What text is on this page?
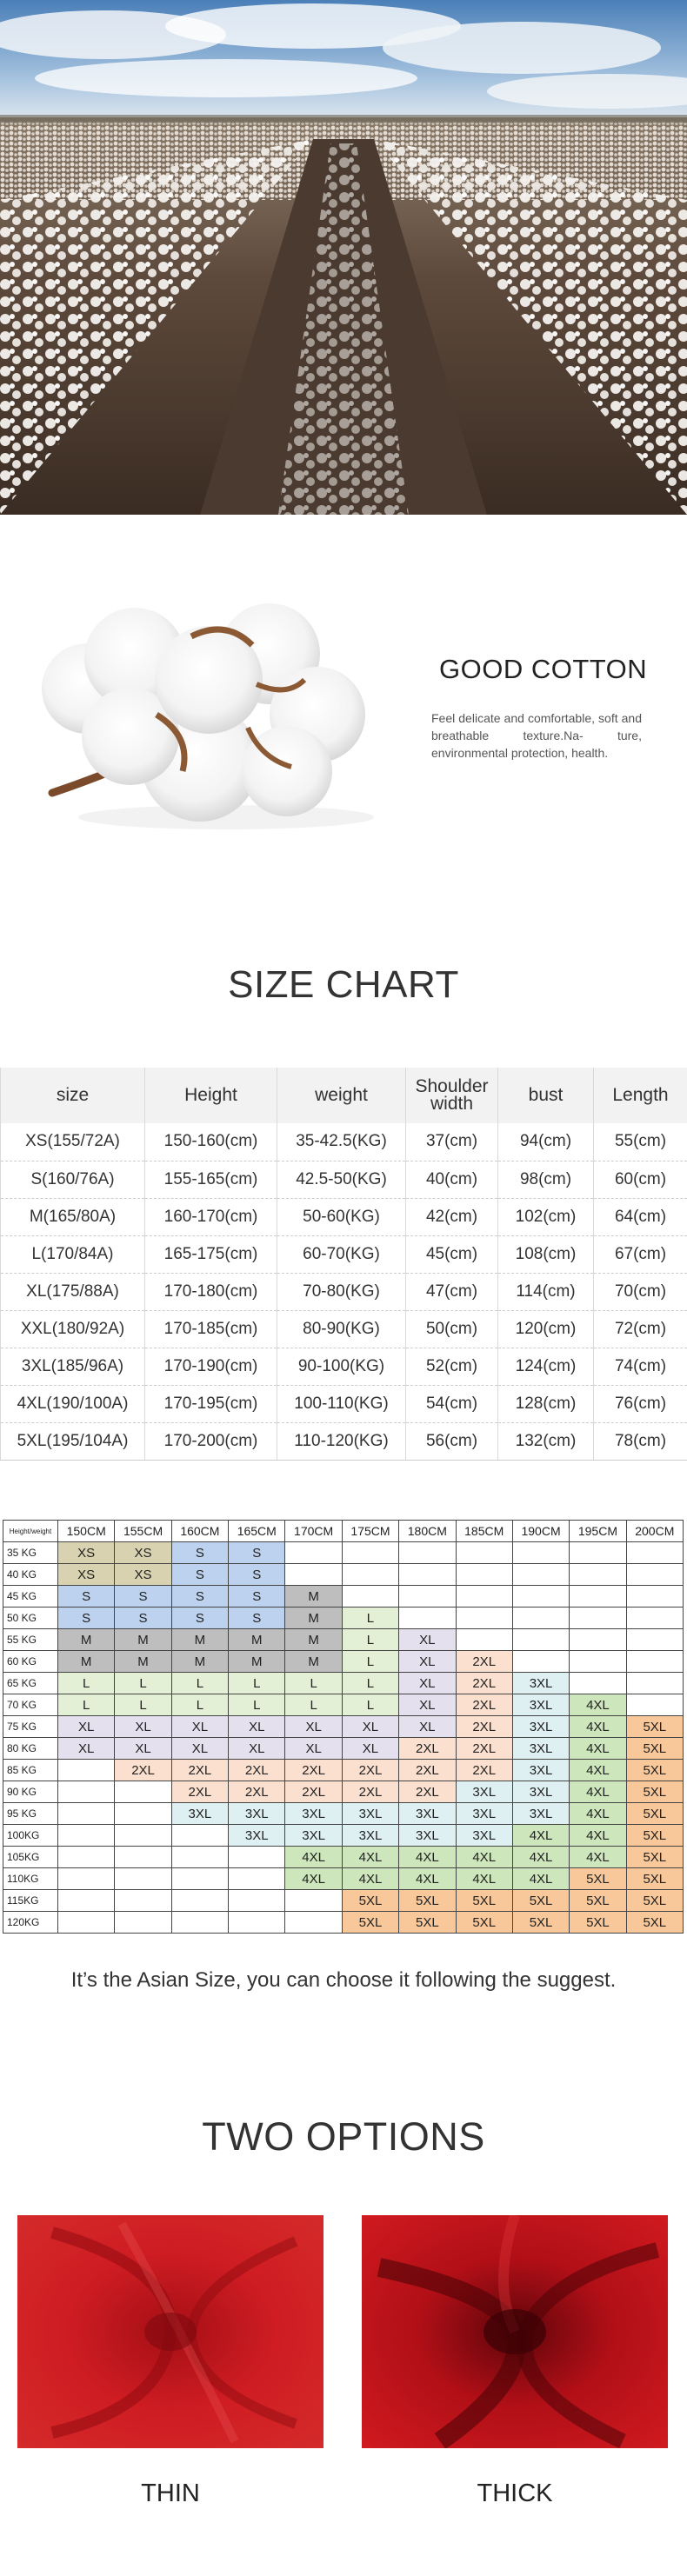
GOOD COTTON
Feel delicate and comfortable, soft and breathable texture.Na- ture, environmental protection, health.
SIZE CHART
size	Height	weight	Shoulder width	bust	Length
XS(155/72A)	150-160(cm)	35-42.5(KG)	37(cm)	94(cm)	55(cm)
S(160/76A)	155-165(cm)	42.5-50(KG)	40(cm)	98(cm)	60(cm)
M(165/80A)	160-170(cm)	50-60(KG)	42(cm)	102(cm)	64(cm)
L(170/84A)	165-175(cm)	60-70(KG)	45(cm)	108(cm)	67(cm)
XL(175/88A)	170-180(cm)	70-80(KG)	47(cm)	114(cm)	70(cm)
XXL(180/92A)	170-185(cm)	80-90(KG)	50(cm)	120(cm)	72(cm)
3XL(185/96A)	170-190(cm)	90-100(KG)	52(cm)	124(cm)	74(cm)
4XL(190/100A)	170-195(cm)	100-110(KG)	54(cm)	128(cm)	76(cm)
5XL(195/104A)	170-200(cm)	110-120(KG)	56(cm)	132(cm)	78(cm)
Height/weight	150CM	155CM	160CM	165CM	170CM	175CM	180CM	185CM	190CM	195CM	200CM
35 KG	XS	XS	S	S							
40 KG	XS	XS	S	S							
45 KG	S	S	S	S	M						
50 KG	S	S	S	S	M	L					
55 KG	M	M	M	M	M	L	XL				
60 KG	M	M	M	M	M	L	XL	2XL			
65 KG	L	L	L	L	L	L	XL	2XL	3XL		
70 KG	L	L	L	L	L	L	XL	2XL	3XL	4XL	
75 KG	XL	XL	XL	XL	XL	XL	XL	2XL	3XL	4XL	5XL
80 KG	XL	XL	XL	XL	XL	XL	2XL	2XL	3XL	4XL	5XL
85 KG		2XL	2XL	2XL	2XL	2XL	2XL	2XL	3XL	4XL	5XL
90 KG			2XL	2XL	2XL	2XL	2XL	3XL	3XL	4XL	5XL
95 KG			3XL	3XL	3XL	3XL	3XL	3XL	3XL	4XL	5XL
100KG				3XL	3XL	3XL	3XL	3XL	4XL	4XL	5XL
105KG					4XL	4XL	4XL	4XL	4XL	4XL	5XL
110KG					4XL	4XL	4XL	4XL	4XL	5XL	5XL
115KG						5XL	5XL	5XL	5XL	5XL	5XL
120KG						5XL	5XL	5XL	5XL	5XL	5XL
It’s the Asian Size, you can choose it following the suggest.
TWO OPTIONS
THIN	THICK
